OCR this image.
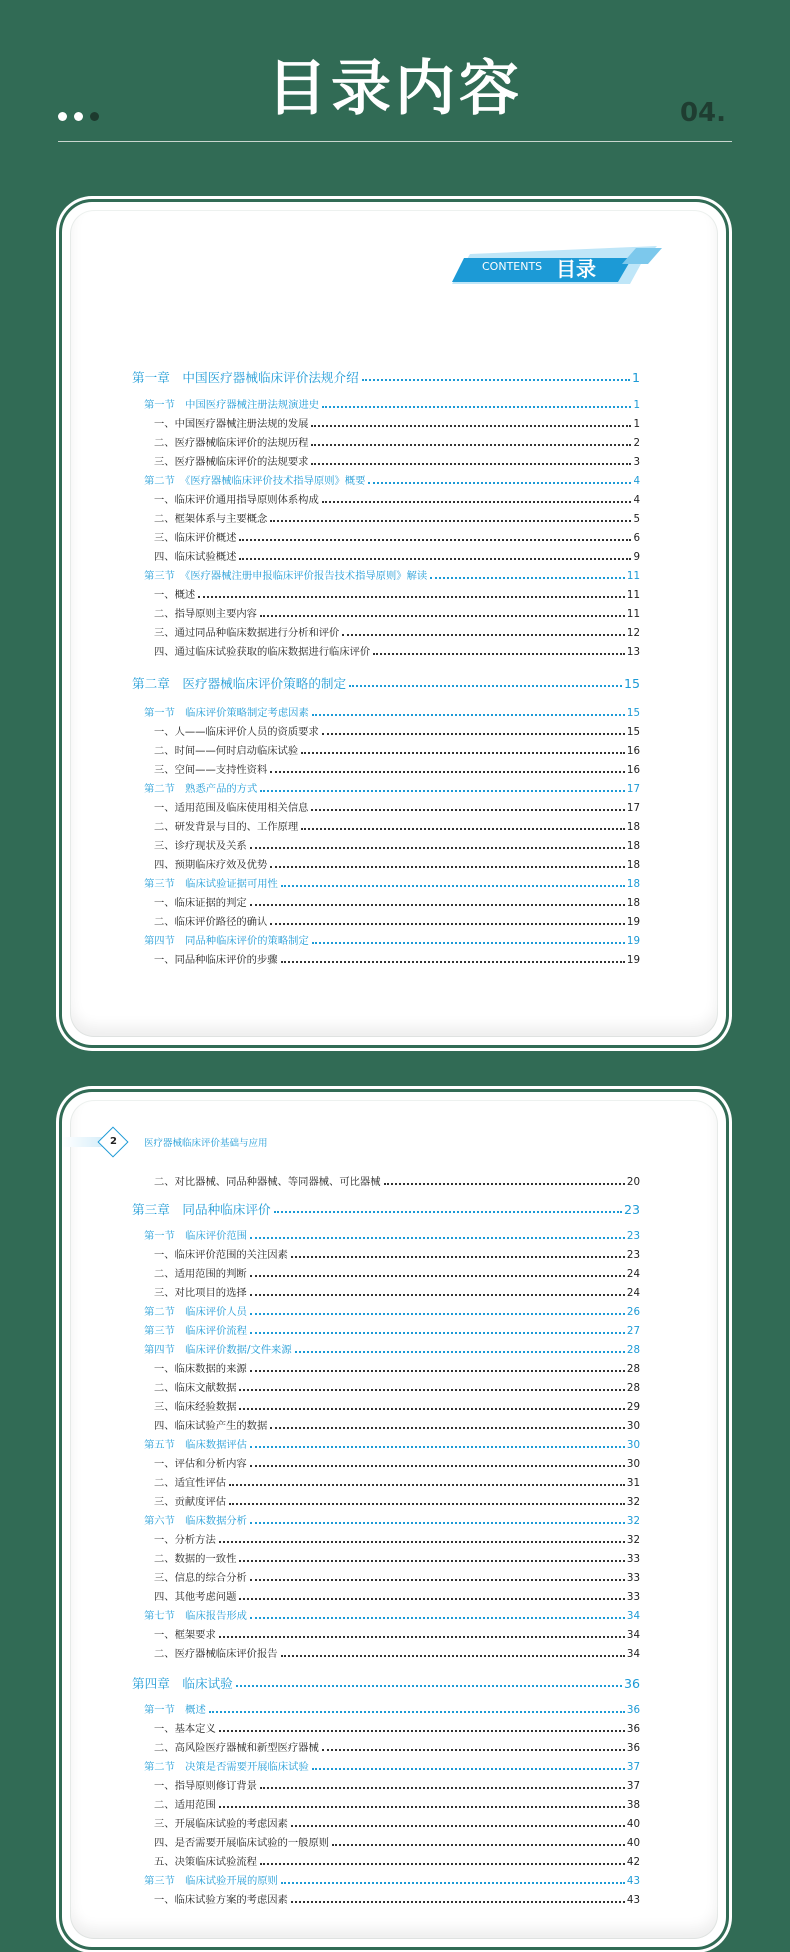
目录内容	04.
CONTENTS 目录
第一章　中国医疗器械临床评价法规介绍	1
第一节　中国医疗器械注册法规演进史	1
一、中国医疗器械注册法规的发展	1
二、医疗器械临床评价的法规历程	2
三、医疗器械临床评价的法规要求	3
第二节　《医疗器械临床评价技术指导原则》概要	4
一、临床评价通用指导原则体系构成	4
二、框架体系与主要概念	5
三、临床评价概述	6
四、临床试验概述	9
第三节　《医疗器械注册申报临床评价报告技术指导原则》解读	11
一、概述	11
二、指导原则主要内容	11
三、通过同品种临床数据进行分析和评价	12
四、通过临床试验获取的临床数据进行临床评价	13
第二章　医疗器械临床评价策略的制定	15
第一节　临床评价策略制定考虑因素	15
一、人——临床评价人员的资质要求	15
二、时间——何时启动临床试验	16
三、空间——支持性资料	16
第二节　熟悉产品的方式	17
一、适用范围及临床使用相关信息	17
二、研发背景与目的、工作原理	18
三、诊疗现状及关系	18
四、预期临床疗效及优势	18
第三节　临床试验证据可用性	18
一、临床证据的判定	18
二、临床评价路径的确认	19
第四节　同品种临床评价的策略制定	19
一、同品种临床评价的步骤	19
2	医疗器械临床评价基础与应用
二、对比器械、同品种器械、等同器械、可比器械	20
第三章　同品种临床评价	23
第一节　临床评价范围	23
一、临床评价范围的关注因素	23
二、适用范围的判断	24
三、对比项目的选择	24
第二节　临床评价人员	26
第三节　临床评价流程	27
第四节　临床评价数据/文件来源	28
一、临床数据的来源	28
二、临床文献数据	28
三、临床经验数据	29
四、临床试验产生的数据	30
第五节　临床数据评估	30
一、评估和分析内容	30
二、适宜性评估	31
三、贡献度评估	32
第六节　临床数据分析	32
一、分析方法	32
二、数据的一致性	33
三、信息的综合分析	33
四、其他考虑问题	33
第七节　临床报告形成	34
一、框架要求	34
二、医疗器械临床评价报告	34
第四章　临床试验	36
第一节　概述	36
一、基本定义	36
二、高风险医疗器械和新型医疗器械	36
第二节　决策是否需要开展临床试验	37
一、指导原则修订背景	37
二、适用范围	38
三、开展临床试验的考虑因素	40
四、是否需要开展临床试验的一般原则	40
五、决策临床试验流程	42
第三节　临床试验开展的原则	43
一、临床试验方案的考虑因素	43
